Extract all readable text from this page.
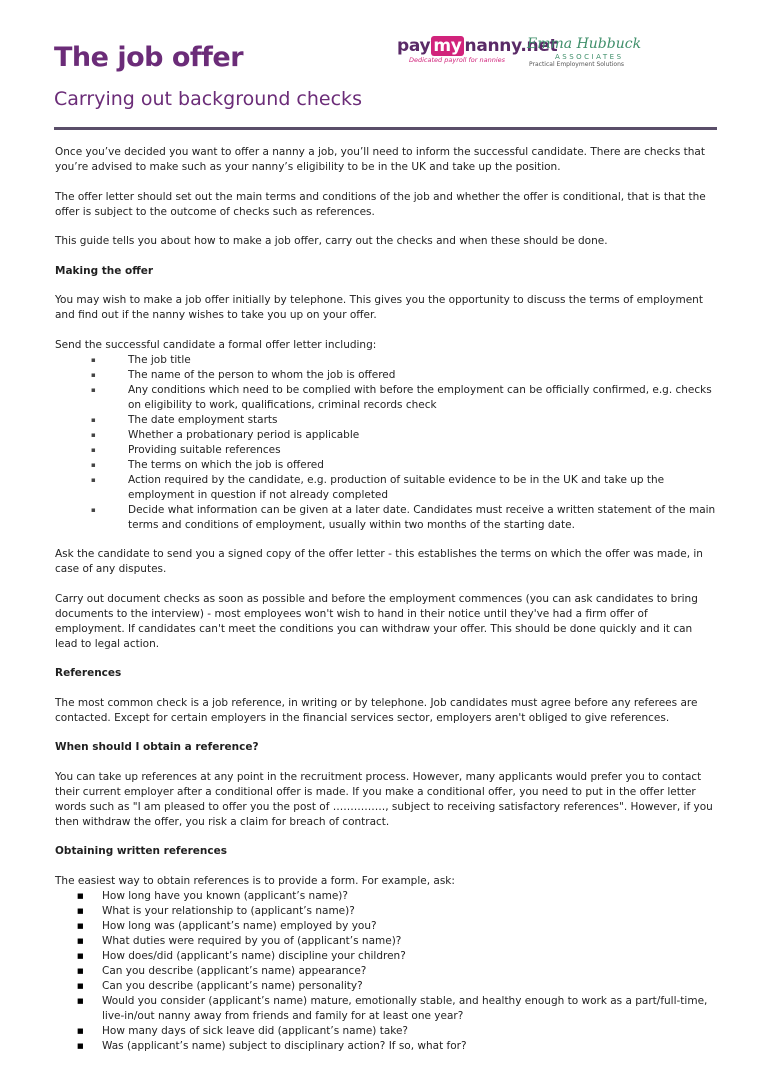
The job offer
Carrying out background checks
pay my nanny.net
Dedicated payroll for nannies
Emma Hubbuck
ASSOCIATES
Practical Employment Solutions

Once you’ve decided you want to offer a nanny a job, you’ll need to inform the successful candidate. There are checks that you’re advised to make such as your nanny’s eligibility to be in the UK and take up the position.

The offer letter should set out the main terms and conditions of the job and whether the offer is conditional, that is that the offer is subject to the outcome of checks such as references.

This guide tells you about how to make a job offer, carry out the checks and when these should be done.

Making the offer

You may wish to make a job offer initially by telephone. This gives you the opportunity to discuss the terms of employment and find out if the nanny wishes to take you up on your offer.

Send the successful candidate a formal offer letter including:

▪ The job title
▪ The name of the person to whom the job is offered
▪ Any conditions which need to be complied with before the employment can be officially confirmed, e.g. checks on eligibility to work, qualifications, criminal records check
▪ The date employment starts
▪ Whether a probationary period is applicable
▪ Providing suitable references
▪ The terms on which the job is offered
▪ Action required by the candidate, e.g. production of suitable evidence to be in the UK and take up the employment in question if not already completed
▪ Decide what information can be given at a later date. Candidates must receive a written statement of the main terms and conditions of employment, usually within two months of the starting date.

Ask the candidate to send you a signed copy of the offer letter - this establishes the terms on which the offer was made, in case of any disputes.

Carry out document checks as soon as possible and before the employment commences (you can ask candidates to bring documents to the interview) - most employees won't wish to hand in their notice until they've had a firm offer of employment. If candidates can't meet the conditions you can withdraw your offer. This should be done quickly and it can lead to legal action.

References

The most common check is a job reference, in writing or by telephone. Job candidates must agree before any referees are contacted. Except for certain employers in the financial services sector, employers aren't obliged to give references.

When should I obtain a reference?

You can take up references at any point in the recruitment process. However, many applicants would prefer you to contact their current employer after a conditional offer is made. If you make a conditional offer, you need to put in the offer letter words such as "I am pleased to offer you the post of ……………, subject to receiving satisfactory references". However, if you then withdraw the offer, you risk a claim for breach of contract.

Obtaining written references

The easiest way to obtain references is to provide a form. For example, ask:

■ How long have you known (applicant’s name)?
■ What is your relationship to (applicant’s name)?
■ How long was (applicant’s name) employed by you?
■ What duties were required by you of (applicant’s name)?
■ How does/did (applicant’s name) discipline your children?
■ Can you describe (applicant’s name) appearance?
■ Can you describe (applicant’s name) personality?
■ Would you consider (applicant’s name) mature, emotionally stable, and healthy enough to work as a part/full-time, live-in/out nanny away from friends and family for at least one year?
■ How many days of sick leave did (applicant’s name) take?
■ Was (applicant’s name) subject to disciplinary action? If so, what for?
